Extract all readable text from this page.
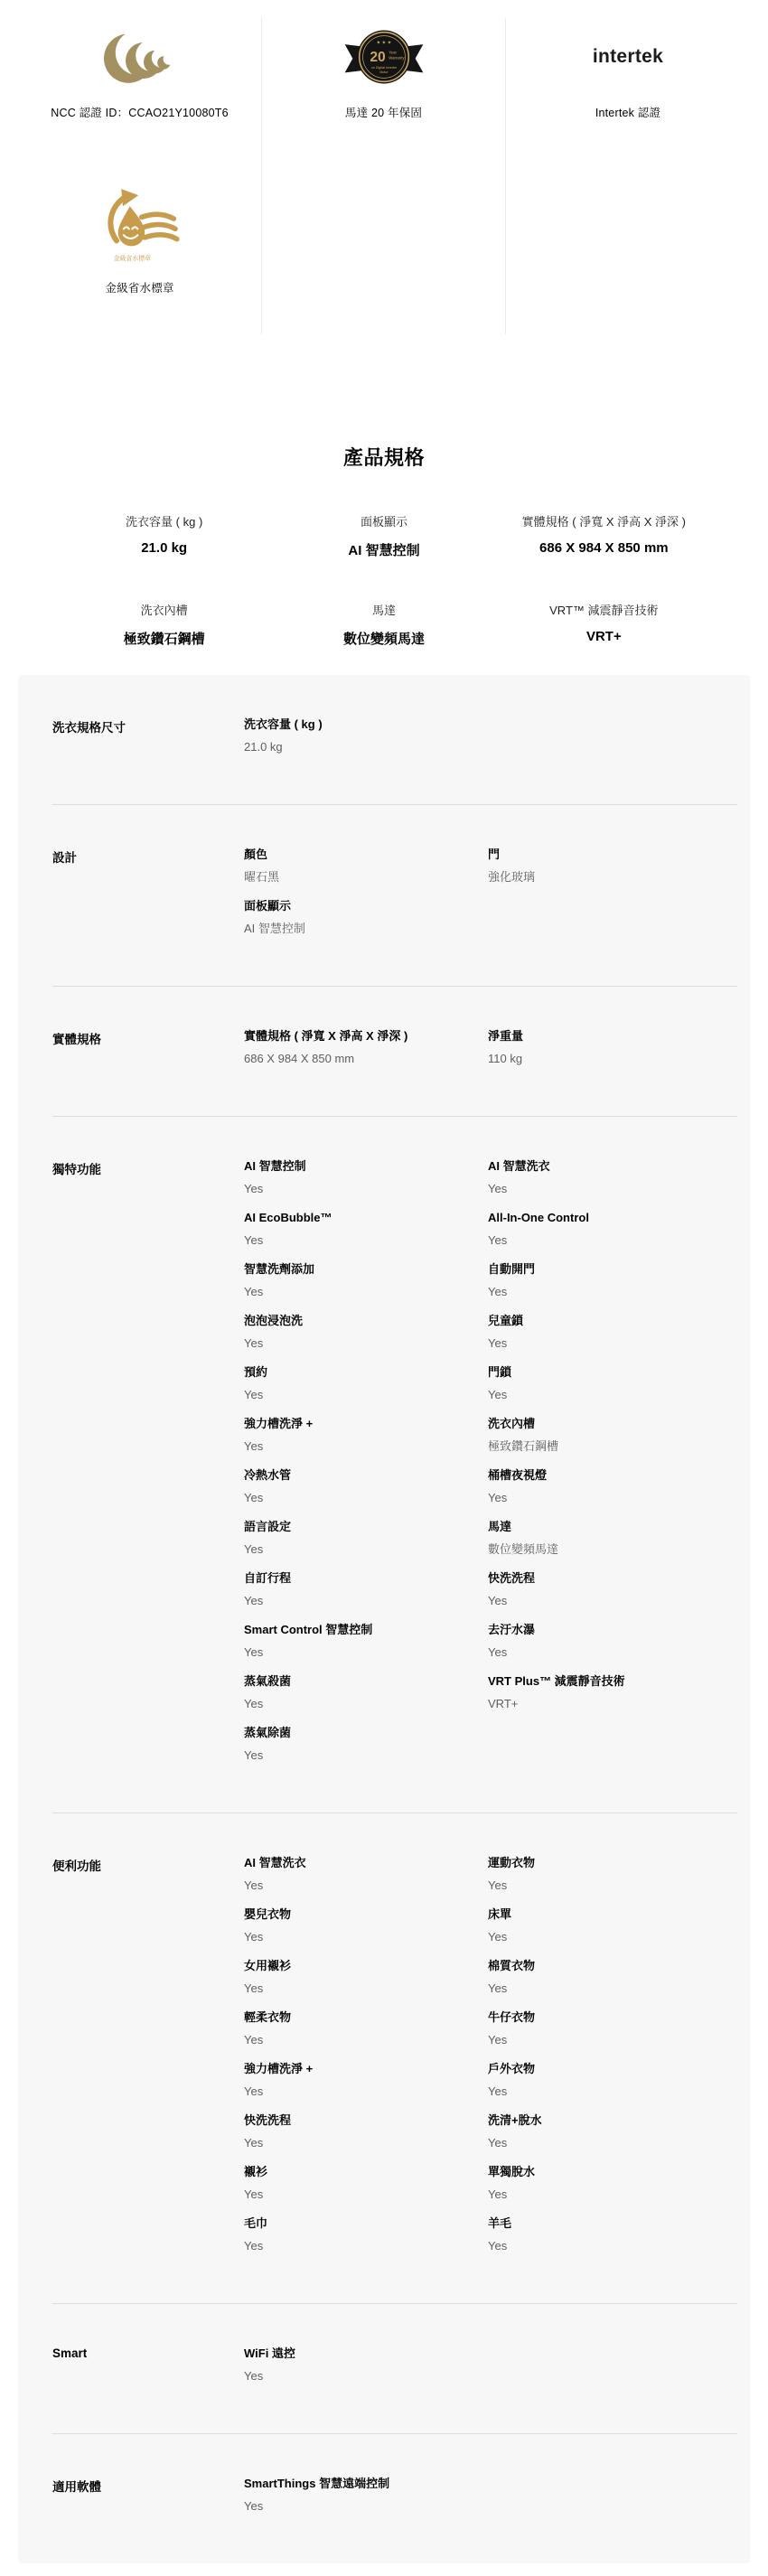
NCC 認證 ID：CCAO21Y10080T6
★ ★ ★
20 Year
Warranty
on Digital Inverter
Motor
馬達 20 年保固
intertek
Intertek 認證
金級省水標章
金級省水標章
產品規格
洗衣容量 ( kg )
21.0 kg
面板顯示
AI 智慧控制
實體規格 ( 淨寬 X 淨高 X 淨深 )
686 X 984 X 850 mm
洗衣內槽
極致鑽石鋼槽
馬達
數位變頻馬達
VRT™ 減震靜音技術
VRT+
洗衣規格尺寸	洗衣容量 ( kg )
21.0 kg
設計	顏色
曜石黑
門
強化玻璃
面板顯示
AI 智慧控制
實體規格	實體規格 ( 淨寬 X 淨高 X 淨深 )
686 X 984 X 850 mm
淨重量
110 kg
獨特功能	AI 智慧控制
Yes
AI 智慧洗衣
Yes
AI EcoBubble™
Yes
All-In-One Control
Yes
智慧洗劑添加
Yes
自動開門
Yes
泡泡浸泡洗
Yes
兒童鎖
Yes
預約
Yes
門鎖
Yes
強力槽洗淨 +
Yes
洗衣內槽
極致鑽石鋼槽
冷熱水管
Yes
桶槽夜視燈
Yes
語言設定
Yes
馬達
數位變頻馬達
自訂行程
Yes
快洗洗程
Yes
Smart Control 智慧控制
Yes
去汙水瀑
Yes
蒸氣殺菌
Yes
VRT Plus™ 減震靜音技術
VRT+
蒸氣除菌
Yes
便利功能	AI 智慧洗衣
Yes
運動衣物
Yes
嬰兒衣物
Yes
床單
Yes
女用襯衫
Yes
棉質衣物
Yes
輕柔衣物
Yes
牛仔衣物
Yes
強力槽洗淨 +
Yes
戶外衣物
Yes
快洗洗程
Yes
洗清+脫水
Yes
襯衫
Yes
單獨脫水
Yes
毛巾
Yes
羊毛
Yes
Smart	WiFi 遠控
Yes
適用軟體	SmartThings 智慧遠端控制
Yes
